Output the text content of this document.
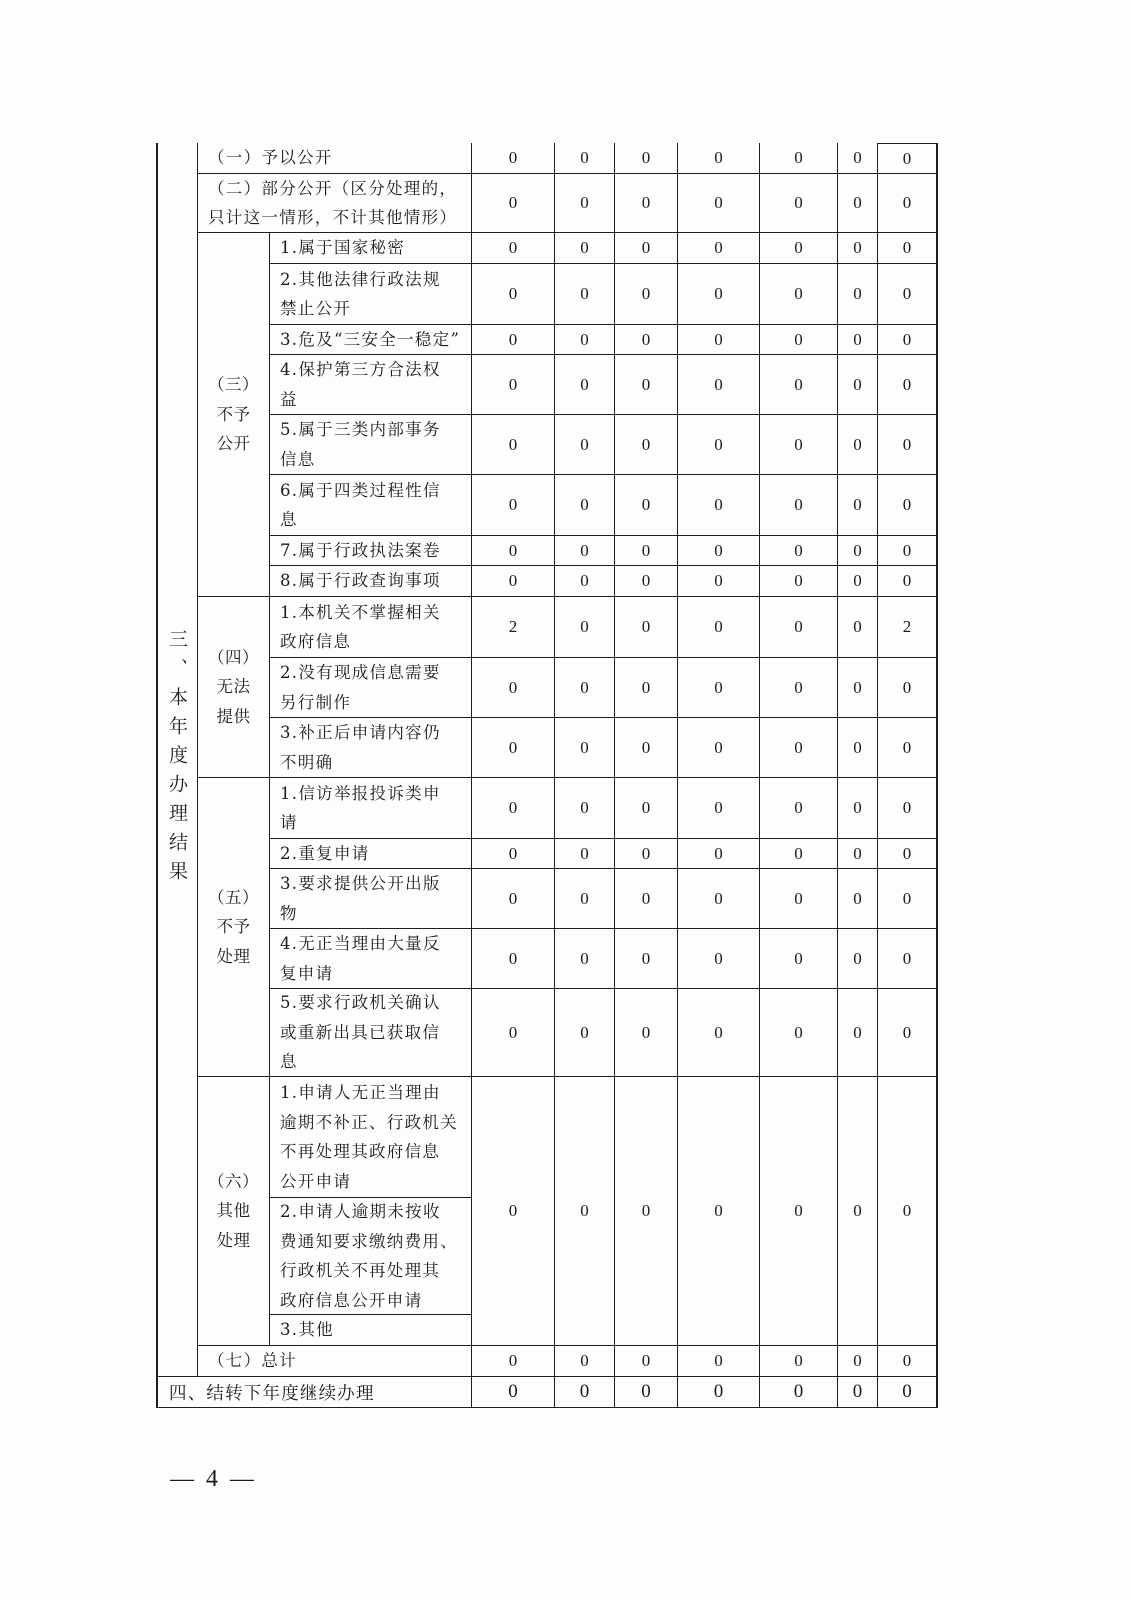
（一）予以公开	0	0	0	0	0	0 0
（二）部分公开（区分处理的，
只计这一情形，不计其他情形）
0	0	0	0	0	0 0
（三）
不予
公开
1.属于国家秘密	0	0	0	0	0	0 0
2.其他法律行政法规
禁止公开
0	0	0	0	0	0 0
3.危及“三安全一稳定”	0	0	0	0	0	0 0
4.保护第三方合法权
益
0	0	0	0	0	0 0
5.属于三类内部事务
信息
0	0	0	0	0	0 0
6.属于四类过程性信
息
0	0	0	0	0	0 0
7.属于行政执法案卷	0	0	0	0	0	0 0
8.属于行政查询事项	0	0	0	0	0	0 0
（四）
无法
提供
1.本机关不掌握相关
政府信息
2	0	0	0	0	0 2
2.没有现成信息需要
另行制作
0	0	0	0	0	0 0
3.补正后申请内容仍
不明确
0	0	0	0	0	0 0
（五）
不予
处理
1.信访举报投诉类申
请
0	0	0	0	0	0 0
2.重复申请	0	0	0	0	0	0 0
3.要求提供公开出版
物
0	0	0	0	0	0 0
4.无正当理由大量反
复申请
0	0	0	0	0	0 0
5.要求行政机关确认
或重新出具已获取信
息
0	0	0	0	0	0 0
（六）
其他
处理
1.申请人无正当理由
逾期不补正、行政机关
不再处理其政府信息
公开申请
2.申请人逾期未按收
费通知要求缴纳费用、
行政机关不再处理其
政府信息公开申请
3.其他
0	0	0	0	0	0 0
（七）总计	0	0	0	0	0	0 0
三、本年度办理结果
四、结转下年度继续办理	0	0	0	0	0	0 0
— 4 —
